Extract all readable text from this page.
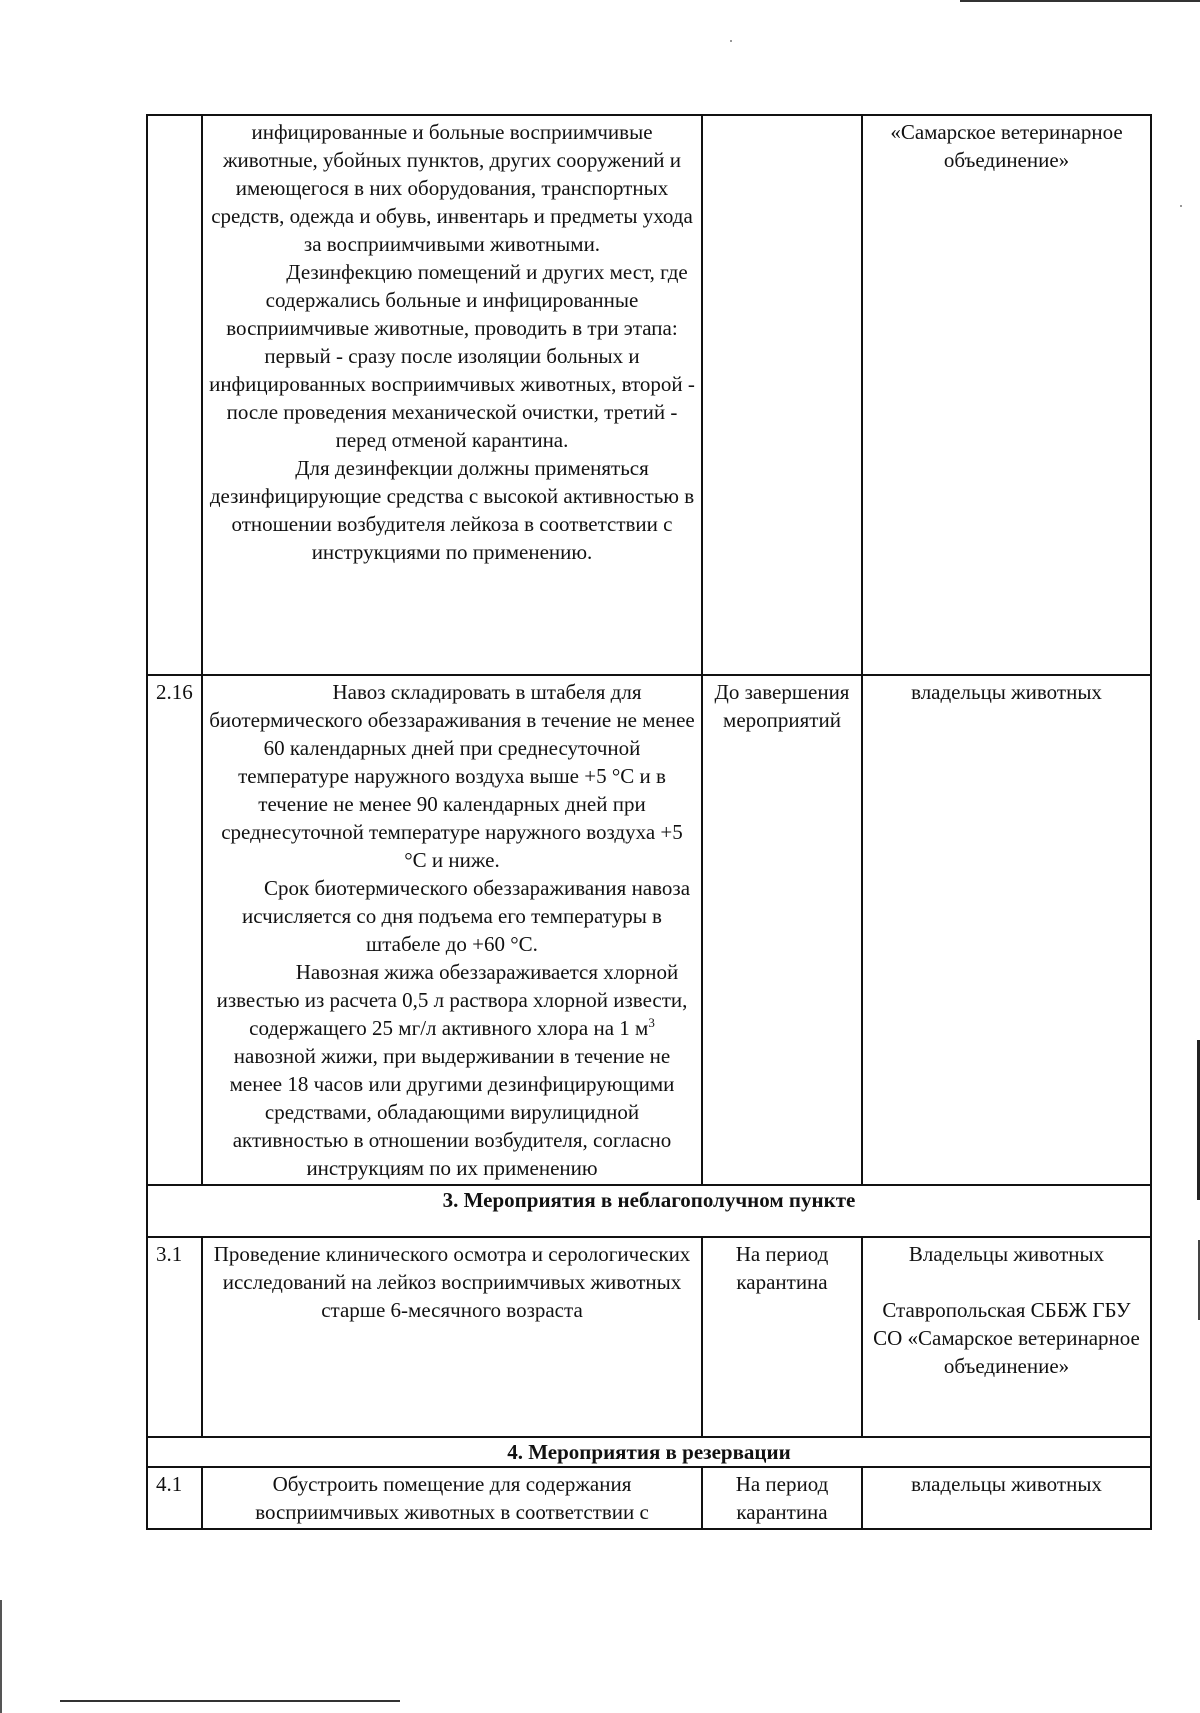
	инфицированные и больные восприимчивые животные, убойных пунктов, других сооружений и имеющегося в них оборудования, транспортных средств, одежда и обувь, инвентарь и предметы ухода за восприимчивыми животными.
Дезинфекцию помещений и других мест, где содержались больные и инфицированные восприимчивые животные, проводить в три этапа: первый - сразу после изоляции больных и инфицированных восприимчивых животных, второй - после проведения механической очистки, третий - перед отменой карантина.
Для дезинфекции должны применяться дезинфицирующие средства с высокой активностью в отношении возбудителя лейкоза в соответствии с инструкциями по применению.		«Самарское ветеринарное объединение»
2.16	Навоз складировать в штабеля для биотермического обеззараживания в течение не менее 60 календарных дней при среднесуточной температуре наружного воздуха выше +5 °С и в течение не менее 90 календарных дней при среднесуточной температуре наружного воздуха +5 °С и ниже.
Срок биотермического обеззараживания навоза исчисляется со дня подъема его температуры в штабеле до +60 °С.
Навозная жижа обеззараживается хлорной известью из расчета 0,5 л раствора хлорной извести, содержащего 25 мг/л активного хлора на 1 $м^3$ навозной жижи, при выдерживании в течение не менее 18 часов или другими дезинфицирующими средствами, обладающими вирулицидной активностью в отношении возбудителя, согласно инструкциям по их применению	До завершения мероприятий	владельцы животных
3. Мероприятия в неблагополучном пункте			
3.1	Проведение клинического осмотра и серологических исследований на лейкоз восприимчивых животных старше 6-месячного возраста	На период карантина	Владельцы животных
Ставропольская СББЖ ГБУ СО «Самарское ветеринарное объединение»

4. Мероприятия в резервации			
4.1	Обустроить помещение для содержания восприимчивых животных в соответствии с	На период карантина	владельцы животных
